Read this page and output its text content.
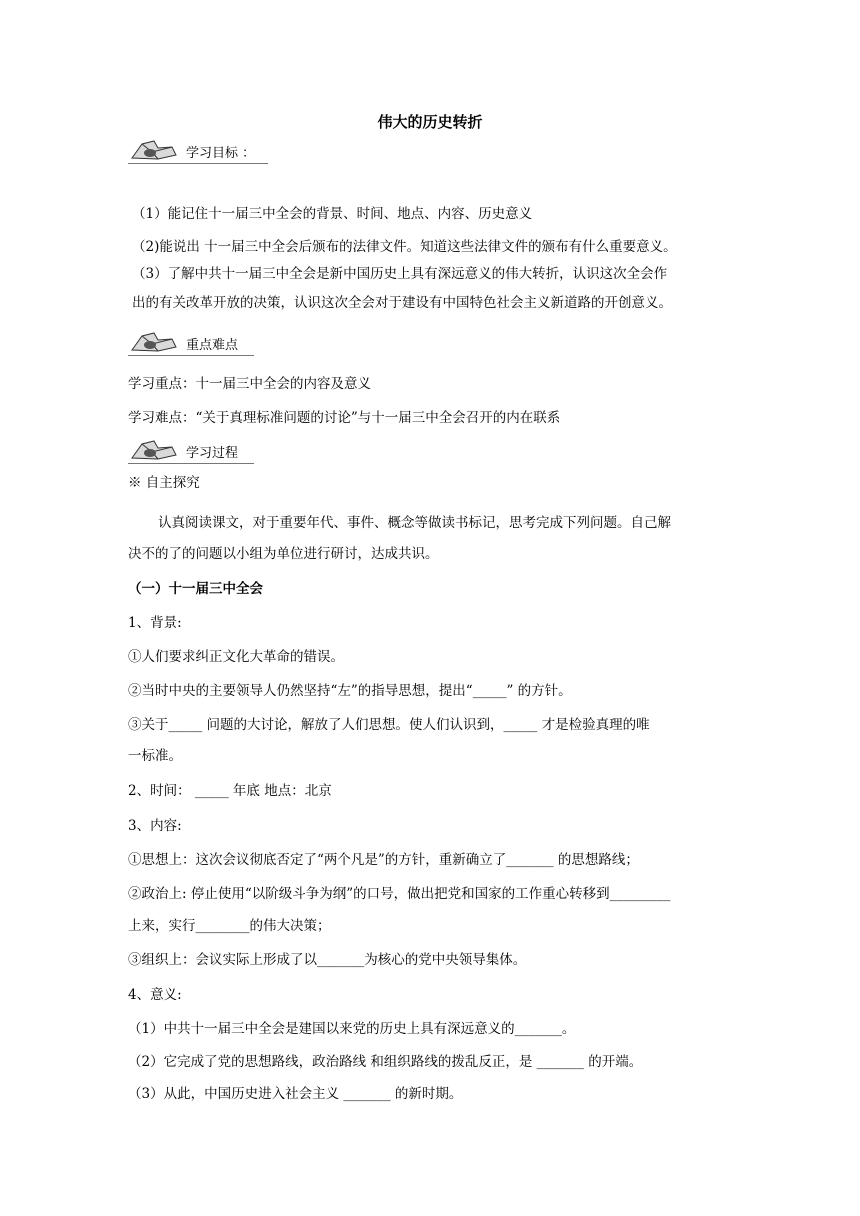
伟大的历史转折
学习目标 ：
（1）能记住十一届三中全会的背景、时间、地点、内容、历史意义
（2)能说出 十一届三中全会后颁布的法律文件。知道这些法律文件的颁布有什么重要意义。
（3）了解中共十一届三中全会是新中国历史上具有深远意义的伟大转折，认识这次全会作
出的有关改革开放的决策，认识这次全会对于建设有中国特色社会主义新道路的开创意义。
重点难点
学习重点：十一届三中全会的内容及意义
学习难点：“关于真理标准问题的讨论”与十一届三中全会召开的内在联系
学习过程
※ 自主探究
认真阅读课文，对于重要年代、事件、概念等做读书标记，思考完成下列问题。自己解
决不的了的问题以小组为单位进行研讨，达成共识。
（一）十一届三中全会
1、背景:
①人们要求纠正文化大革命的错误。
②当时中央的主要领导人仍然坚持“左”的指导思想，提出“_____” 的方针。
③关于_____ 问题的大讨论，解放了人们思想。使人们认识到，_____ 才是检验真理的唯
一标准。
2、时间： _____ 年底 地点：北京
3、内容:
①思想上：这次会议彻底否定了“两个凡是”的方针，重新确立了_______ 的思想路线；
②政治上: 停止使用“以阶级斗争为纲”的口号，做出把党和国家的工作重心转移到_________
上来，实行________的伟大决策；
③组织上：会议实际上形成了以_______为核心的党中央领导集体。
4、意义:
（1）中共十一届三中全会是建国以来党的历史上具有深远意义的_______。
（2）它完成了党的思想路线，政治路线 和组织路线的拨乱反正，是 _______ 的开端。
（3）从此，中国历史进入社会主义 _______ 的新时期。
